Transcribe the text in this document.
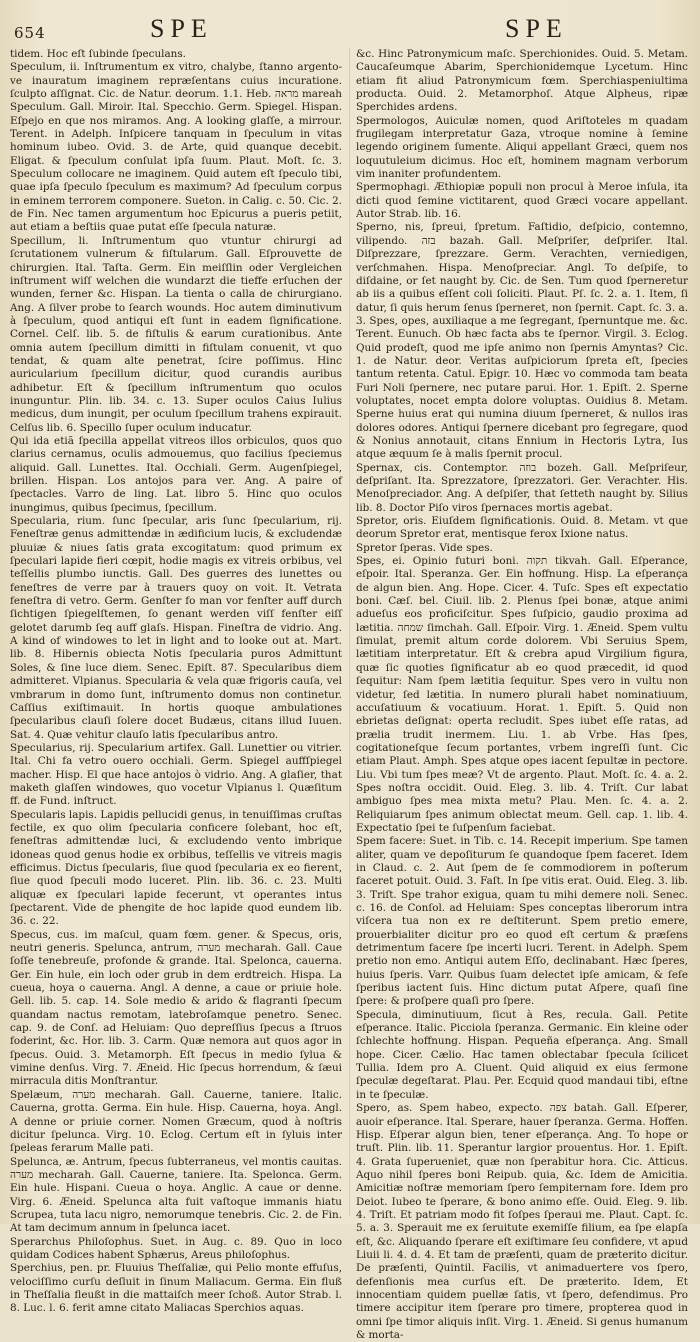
654	SPE	SPE

tidem. Hoc eſt ſubinde ſpeculans.

Speculum, ii. Inſtrumentum ex vitro, chalybe, ſtanno argento-ve inauratum imaginem repræſentans cuius incuratione. ſculpto aſſignat. Cic. de Natur. deorum. 1.1. Heb. מראה mareah Speculum. Gall. Miroir. Ital. Specchio. Germ. Spiegel. Hispan. Eſpejo en que nos miramos. Ang. A looking glaſſe, a mirrour. Terent. in Adelph. Inſpicere tanquam in ſpeculum in vitas hominum iubeo. Ovid. 3. de Arte, quid quanque decebit. Eligat. & ſpeculum conſulat ipſa ſuum. Plaut. Moſt. ſc. 3. Speculum collocare ne imaginem. Quid autem eſt ſpeculo tibi, quae ipſa ſpeculo ſpeculum es maximum? Ad ſpeculum corpus in eminem terrorem componere. Sueton. in Calig. c. 50. Cic. 2. de Fin. Nec tamen argumentum hoc Epicurus a pueris petiit, aut etiam a beſtiis quae putat eſſe ſpecula naturæ.

Specillum, li. Inſtrumentum quo vtuntur chirurgi ad ſcrutationem vulnerum & fiſtularum. Gall. Eſprouvette de chirurgien. Ital. Taſta. Germ. Ein meiſſlin oder Vergleichen inſtrument wiſſ welchen die wundarzt die tieffe erſuchen der wunden, ferner &c. Hispan. La tienta o calla de chirurgiano. Ang. A ſilver probe to ſearch wounds. Hoc autem diminutivum à ſpeculum, quod antiqui eſt ſunt in eadem ſignificatione. Cornel. Celſ. lib. 5. de fiſtulis & earum curationibus. Ante omnia autem ſpecillum dimitti in fiſtulam conuenit, vt quo tendat, & quam alte penetrat, ſcire poſſimus. Hinc auricularium ſpecillum dicitur, quod curandis auribus adhibetur. Eſt & ſpecillum inſtrumentum quo oculos inunguntur. Plin. lib. 34. c. 13. Super oculos Caius Iulius medicus, dum inungit, per oculum ſpecillum trahens expirauit. Celſus lib. 6. Specillo ſuper oculum inducatur.

Qui ida etiã ſpecilla appellat vitreos illos orbiculos, quos quo clarius cernamus, oculis admouemus, quo facilius ſpeciemus aliquid. Gall. Lunettes. Ital. Occhiali. Germ. Augenſpiegel, brillen. Hispan. Los antojos para ver. Ang. A paire of ſpectacles. Varro de ling. Lat. libro 5. Hinc quo oculos inungimus, quibus ſpecimus, ſpecillum.

Specularia, rium. ſunc ſpecular, aris ſunc ſpecularium, rij. Feneſtræ genus admittendæ in ædificium lucis, & excludendæ pluuiæ & niues ſatis grata excogitatum: quod primum ex ſpeculari lapide fieri cœpit, hodie magis ex vitreis orbibus, vel teſſellis plumbo iunctis. Gall. Des guerres des lunettes ou feneſtres de verre par à trauers quoy on voit. It. Vetrata feneſtra di vetro. Germ. Genſter fo man vor fenſter auff durch ſichtigen ſpiegelſtemen, ſo genant werden viſſ fenſter eiſſ gelotet darumb ſeq auff glaſs. Hispan. Fineſtra de vidrio. Ang. A kind of windowes to let in light and to looke out at. Mart. lib. 8. Hibernis obiecta Notis ſpecularia puros Admittunt Soles, & ſine luce diem. Senec. Epiſt. 87. Specularibus diem admitteret. Vlpianus. Specularia & vela quæ frigoris cauſa, vel vmbrarum in domo ſunt, inſtrumento domus non continetur. Caſſius exiſtimauit. In hortis quoque ambulationes ſpecularibus clauſi ſolere docet Budæus, citans illud Iuuen. Sat. 4. Quæ vehitur clauſo latis ſpecularibus antro.

Specularius, rij. Specularium artifex. Gall. Lunettier ou vitrier. Ital. Chi fa vetro ouero occhiali. Germ. Spiegel auffſpiegel macher. Hisp. El que hace antojos ò vidrio. Ang. A glaſier, that maketh glaſſen windowes, quo vocetur Vlpianus l. Quæſitum ff. de Fund. inſtruct.

Specularis lapis. Lapidis pellucidi genus, in tenuiſſimas cruſtas fectile, ex quo olim ſpecularia conficere ſolebant, hoc eſt, feneſtras admittendæ luci, & excludendo vento imbrique idoneas quod genus hodie ex orbibus, teſſellis ve vitreis magis efficimus. Dictus ſpecularis, ſiue quod ſpecularia ex eo fierent, ſiue quod ſpeculi modo luceret. Plin. lib. 36. c. 23. Multi aliquæ ex ſpeculari lapide fecerunt, vt operantes intus ſpectarent. Vide de phengite de hoc lapide quod eundem lib. 36. c. 22.

Specus, cus. im maſcul, quam fœm. gener. & Specus, oris, neutri generis. Spelunca, antrum, מערה mecharah. Gall. Caue ſoſſe tenebreuſe, profonde & grande. Ital. Spelonca, cauerna. Ger. Ein hule, ein loch oder grub in dem erdtreich. Hispa. La cueua, hoya o cauerna. Angl. A denne, a caue or priuie hole. Gell. lib. 5. cap. 14. Sole medio & arido & flagranti ſpecum quandam nactus remotam, latebroſamque penetro. Senec. cap. 9. de Conſ. ad Heluiam: Quo depreſſius ſpecus a ſtruos foderint, &c. Hor. lib. 3. Carm. Quæ nemora aut quos agor in ſpecus. Ouid. 3. Metamorph. Eſt ſpecus in medio ſylua & vimine denſus. Virg. 7. Æneid. Hic ſpecus horrendum, & ſæui mirracula ditis Monſtrantur.

Spelæum, מערה mecharah. Gall. Cauerne, taniere. Italic. Cauerna, grotta. Germa. Ein hule. Hisp. Cauerna, hoya. Angl. A denne or priuie corner. Nomen Græcum, quod à noſtris dicitur ſpelunca. Virg. 10. Eclog. Certum eſt in ſyluis inter ſpeleas ferarum Malle pati.

Spelunca, æ. Antrum, ſpecus ſubterraneus, vel montis cauitas. מערה mecharah. Gall. Cauerne, taniere. Ita. Spelonca. Germ. Ein hule. Hispani. Cueua o hoya. Anglic. A caue or denne. Virg. 6. Æneid. Spelunca alta fuit vaſtoque immanis hiatu Scrupea, tuta lacu nigro, nemorumque tenebris. Cic. 2. de Fin. At tam decimum annum in ſpelunca iacet.

Sperarchus Philoſophus. Suet. in Aug. c. 89. Quo in loco quidam Codices habent Sphærus, Areus philoſophus.

Sperchius, pen. pr. Fluuius Theſſaliæ, qui Pelio monte effuſus, velociſſimo curſu deſluit in ſinum Maliacum. Germa. Ein fluß in Theſſalia fleußt in die mattaiſch meer ſchoß. Autor Strab. l. 8. Luc. l. 6. ferit amne citato Maliacas Sperchios aquas.

&c. Hinc Patronymicum maſc. Sperchionides. Ouid. 5. Metam. Caucaſeumque Abarim, Sperchionidemque Lycetum. Hinc etiam fit aliud Patronymicum fœm. Sperchiaspeniultima producta. Ouid. 2. Metamorphoſ. Atque Alpheus, ripæ Sperchides ardens.

Spermologos, Auiculæ nomen, quod Ariſtoteles m quadam frugilegam interpretatur Gaza, vtroque nomine à ſemine legendo originem ſumente. Aliqui appellant Græci, quem nos loquutuleium dicimus. Hoc eſt, hominem magnam verborum vim inaniter profundentem.

Spermophagi. Æthiopiæ populi non procul à Meroe inſula, ita dicti quod ſemine victitarent, quod Græci vocare appellant. Autor Strab. lib. 16.

Sperno, nis, ſpreui, ſpretum. Faſtidio, deſpicio, contemno, vilipendo. בזה bazah. Gall. Meſpriſer, deſpriſer. Ital. Diſprezzare, ſprezzare. Germ. Verachten, verniedigen, verſchmahen. Hispa. Menoſpreciar. Angl. To deſpiſe, to diſdaine, or ſet naught by. Cic. de Sen. Tum quod ſperneretur ab iis a quibus eſſent coli ſoliciti. Plaut. Pſ. ſc. 2. a. 1. Item, ſi datur, ſi quis herum ſenus ſperneret, non ſpernit. Capt. ſc. 3. a. 3. Spes, opes, auxiliaque a me ſegregant, ſpernuntque me. &c. Terent. Eunuch. Ob hæc facta abs te ſpernor. Virgil. 3. Eclog. Quid prodeſt, quod me ipſe animo non ſpernis Amyntas? Cic. 1. de Natur. deor. Veritas auſpiciorum ſpreta eſt, ſpecies tantum retenta. Catul. Epigr. 10. Hæc vo commoda tam beata Furi Noli ſpernere, nec putare parui. Hor. 1. Epiſt. 2. Sperne voluptates, nocet empta dolore voluptas. Ouidius 8. Metam. Sperne huius erat qui numina diuum ſperneret, & nullos iras dolores odores. Antiqui ſpernere dicebant pro ſegregare, quod & Nonius annotauit, citans Ennium in Hectoris Lytra, Ius atque æquum ſe à malis ſpernit procul.

Spernax, cis. Contemptor. בוזה bozeh. Gall. Meſpriſeur, deſpriſant. Ita. Sprezzatore, ſprezzatori. Ger. Verachter. His. Menoſpreciador. Ang. A deſpiſer, that ſetteth naught by. Silius lib. 8. Doctor Piſo viros ſpernaces mortis agebat.

Spretor, oris. Eiuſdem ſignificationis. Ouid. 8. Metam. vt que deorum Spretor erat, mentisque ferox Ixione natus.

Spretor ſperas. Vide spes.

Spes, ei. Opinio futuri boni. תקוה tikvah. Gall. Eſperance, eſpoir. Ital. Speranza. Ger. Ein hoffnung. Hisp. La eſperança de algun bien. Ang. Hope. Cicer. 4. Tuſc. Spes eſt expectatio boni. Cæſ. bel. Ciuil. lib. 2. Plenus ſpei bonæ, atque animi adueſus eos proficiſcitur. Spes ſuſpicio, gaudio proxima ad lætitia. שמחה ſimchah. Gall. Eſpoir. Virg. 1. Æneid. Spem vultu ſimulat, premit altum corde dolorem. Vbi Seruius Spem, lætitiam interpretatur. Eſt & crebra apud Virgilium figura, quæ ſic quoties ſignificatur ab eo quod præcedit, id quod ſequitur: Nam ſpem lætitia ſequitur. Spes vero in vultu non videtur, ſed lætitia. In numero plurali habet nominatiuum, accuſatiuum & vocatiuum. Horat. 1. Epiſt. 5. Quid non ebrietas deſignat: operta recludit. Spes iubet eſſe ratas, ad prælia trudit inermem. Liu. 1. ab Vrbe. Has ſpes, cogitationeſque ſecum portantes, vrbem ingreſſi ſunt. Cic etiam Plaut. Amph. Spes atque opes iacent ſepultæ in pectore. Liu. Vbi tum ſpes meæ? Vt de argento. Plaut. Moſt. ſc. 4. a. 2. Spes noſtra occidit. Ouid. Eleg. 3. lib. 4. Triſt. Cur labat ambiguo ſpes mea mixta metu? Plau. Men. ſc. 4. a. 2. Reliquiarum ſpes animum oblectat meum. Gell. cap. 1. lib. 4. Expectatio ſpei te ſuſpenſum faciebat.

Spem facere: Suet. in Tib. c. 14. Recepit imperium. Spe tamen aliter, quam ve depoſiturum ſe quandoque ſpem faceret. Idem in Claud. c. 2. Aut ſpem de ſe commodiorem in poſterum faceret potuit. Ouid. 3. Faſt. In ſpe vitis erat. Ouid. Eleg. 3. lib. 3. Triſt. Spe trahor exigua, quam tu mihi demere noli. Senec. c. 16. de Conſol. ad Heluiam: Spes conceptas liberorum intra viſcera tua non ex re deſtiterunt. Spem pretio emere, prouerbialiter dicitur pro eo quod eſt certum & præſens detrimentum facere ſpe incerti lucri. Terent. in Adelph. Spem pretio non emo. Antiqui autem Eſſo, declinabant. Hæc ſperes, huius ſperis. Varr. Quibus ſuam delectet ipſe amicam, & ſeſe ſperibus iactent ſuis. Hinc dictum putat Aſpere, quaſi ſine ſpere: & proſpere quaſi pro ſpere.

Specula, diminutiuum, ſicut à Res, recula. Gall. Petite eſperance. Italic. Picciola ſperanza. Germanic. Ein kleine oder ſchlechte hoffnung. Hispan. Pequeña eſperança. Ang. Small hope. Cicer. Cælio. Hac tamen oblectabar ſpecula ſcilicet Tullia. Idem pro A. Cluent. Quid aliquid ex eius ſermone ſpeculæ degeſtarat. Plau. Per. Ecquid quod mandaui tibi, eſtne in te ſpeculæ.

Spero, as. Spem habeo, expecto. צפה batah. Gall. Eſperer, auoir eſperance. Ital. Sperare, hauer ſperanza. Germa. Hoffen. Hisp. Eſperar algun bien, tener eſperança. Ang. To hope or truſt. Plin. lib. 11. Sperantur largior prouentus. Hor. 1. Epiſt. 4. Grata ſuperueniet, quæ non ſperabitur hora. Cic. Atticus. Aquo nihil ſperes boni Reipub. quia, &c. Idem de Amicitia. Amicitiæ noſtræ memoriam ſpero ſempiternam fore. Idem pro Deiot. Iubeo te ſperare, & bono animo eſſe. Ouid. Eleg. 9. lib. 4. Triſt. Et patriam modo fit ſoſpes ſperaui me. Plaut. Capt. ſc. 5. a. 3. Sperauit me ex ſeruitute exemiſſe filium, ea ſpe elapſa eſt, &c. Aliquando ſperare eſt exiſtimare ſeu confidere, vt apud Liuii li. 4. d. 4. Et tam de præſenti, quam de præterito dicitur. De præſenti, Quintil. Facilis, vt animaduertere vos ſpero, defenſionis mea curſus eſt. De præterito. Idem, Et innocentiam quidem puellæ ſatis, vt ſpero, defendimus. Pro timere accipitur item ſperare pro timere, propterea quod in omni ſpe timor aliquis inſit. Virg. 1. Æneid. Si genus humanum & morta-
